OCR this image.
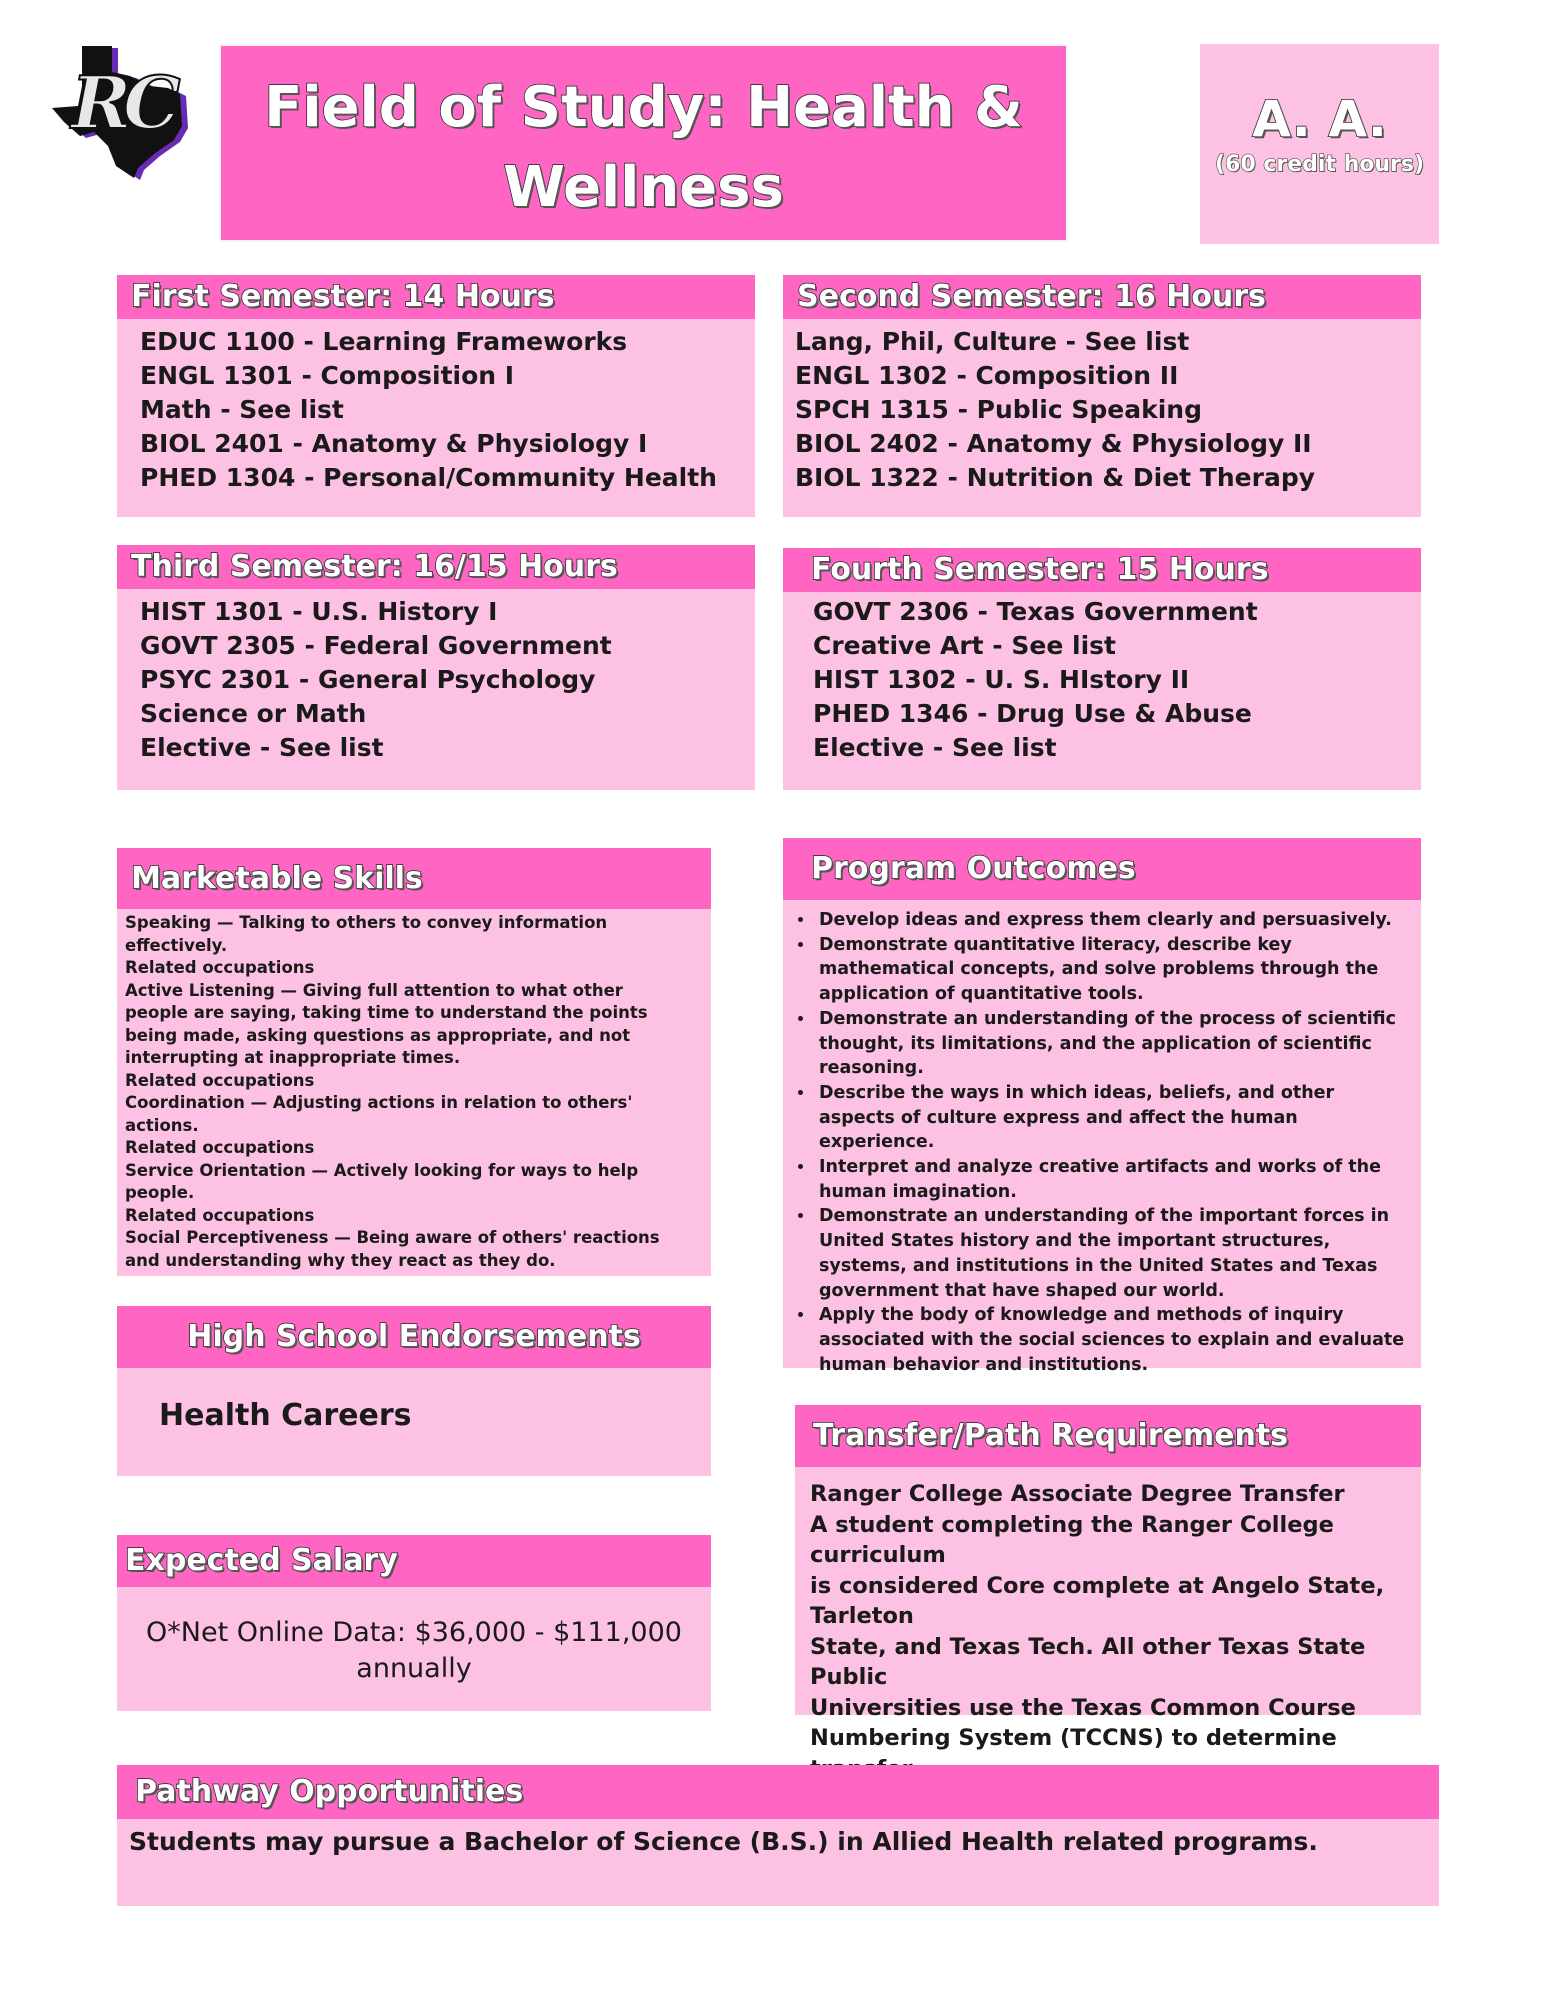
RC	Field of Study: Health &
Wellness
A. A.
(60 credit hours)
First Semester: 14 Hours
EDUC 1100 - Learning Frameworks
ENGL 1301 - Composition I
Math - See list
BIOL 2401 - Anatomy & Physiology I
PHED 1304 - Personal/Community Health
Second Semester: 16 Hours
Lang, Phil, Culture - See list
ENGL 1302 - Composition II
SPCH 1315 - Public Speaking
BIOL 2402 - Anatomy & Physiology II
BIOL 1322 - Nutrition & Diet Therapy
Third Semester: 16/15 Hours
HIST 1301 - U.S. History I
GOVT 2305 - Federal Government
PSYC 2301 - General Psychology
Science or Math
Elective - See list
Fourth Semester: 15 Hours
GOVT 2306 - Texas Government
Creative Art - See list
HIST 1302 - U. S. HIstory II
PHED 1346 - Drug Use & Abuse
Elective - See list
Marketable Skills
Speaking — Talking to others to convey information
effectively.
Related occupations
Active Listening — Giving full attention to what other
people are saying, taking time to understand the points
being made, asking questions as appropriate, and not
interrupting at inappropriate times.
Related occupations
Coordination — Adjusting actions in relation to others'
actions.
Related occupations
Service Orientation — Actively looking for ways to help
people.
Related occupations
Social Perceptiveness — Being aware of others' reactions
and understanding why they react as they do.
Program Outcomes
• Develop ideas and express them clearly and persuasively.
• Demonstrate quantitative literacy, describe key mathematical concepts, and solve problems through the application of quantitative tools.
• Demonstrate an understanding of the process of scientific thought, its limitations, and the application of scientific reasoning.
• Describe the ways in which ideas, beliefs, and other aspects of culture express and affect the human experience.
• Interpret and analyze creative artifacts and works of the human imagination.
• Demonstrate an understanding of the important forces in United States history and the important structures, systems, and institutions in the United States and Texas government that have shaped our world.
• Apply the body of knowledge and methods of inquiry associated with the social sciences to explain and evaluate human behavior and institutions.
High School Endorsements
Health Careers
Expected Salary
O*Net Online Data: $36,000 - $111,000
annually
Transfer/Path Requirements
Ranger College Associate Degree Transfer
A student completing the Ranger College curriculum
is considered Core complete at Angelo State, Tarleton
State, and Texas Tech. All other Texas State Public
Universities use the Texas Common Course
Numbering System (TCCNS) to determine
Pathway Opportunities
Students may pursue a Bachelor of Science (B.S.) in Allied Health related programs.
